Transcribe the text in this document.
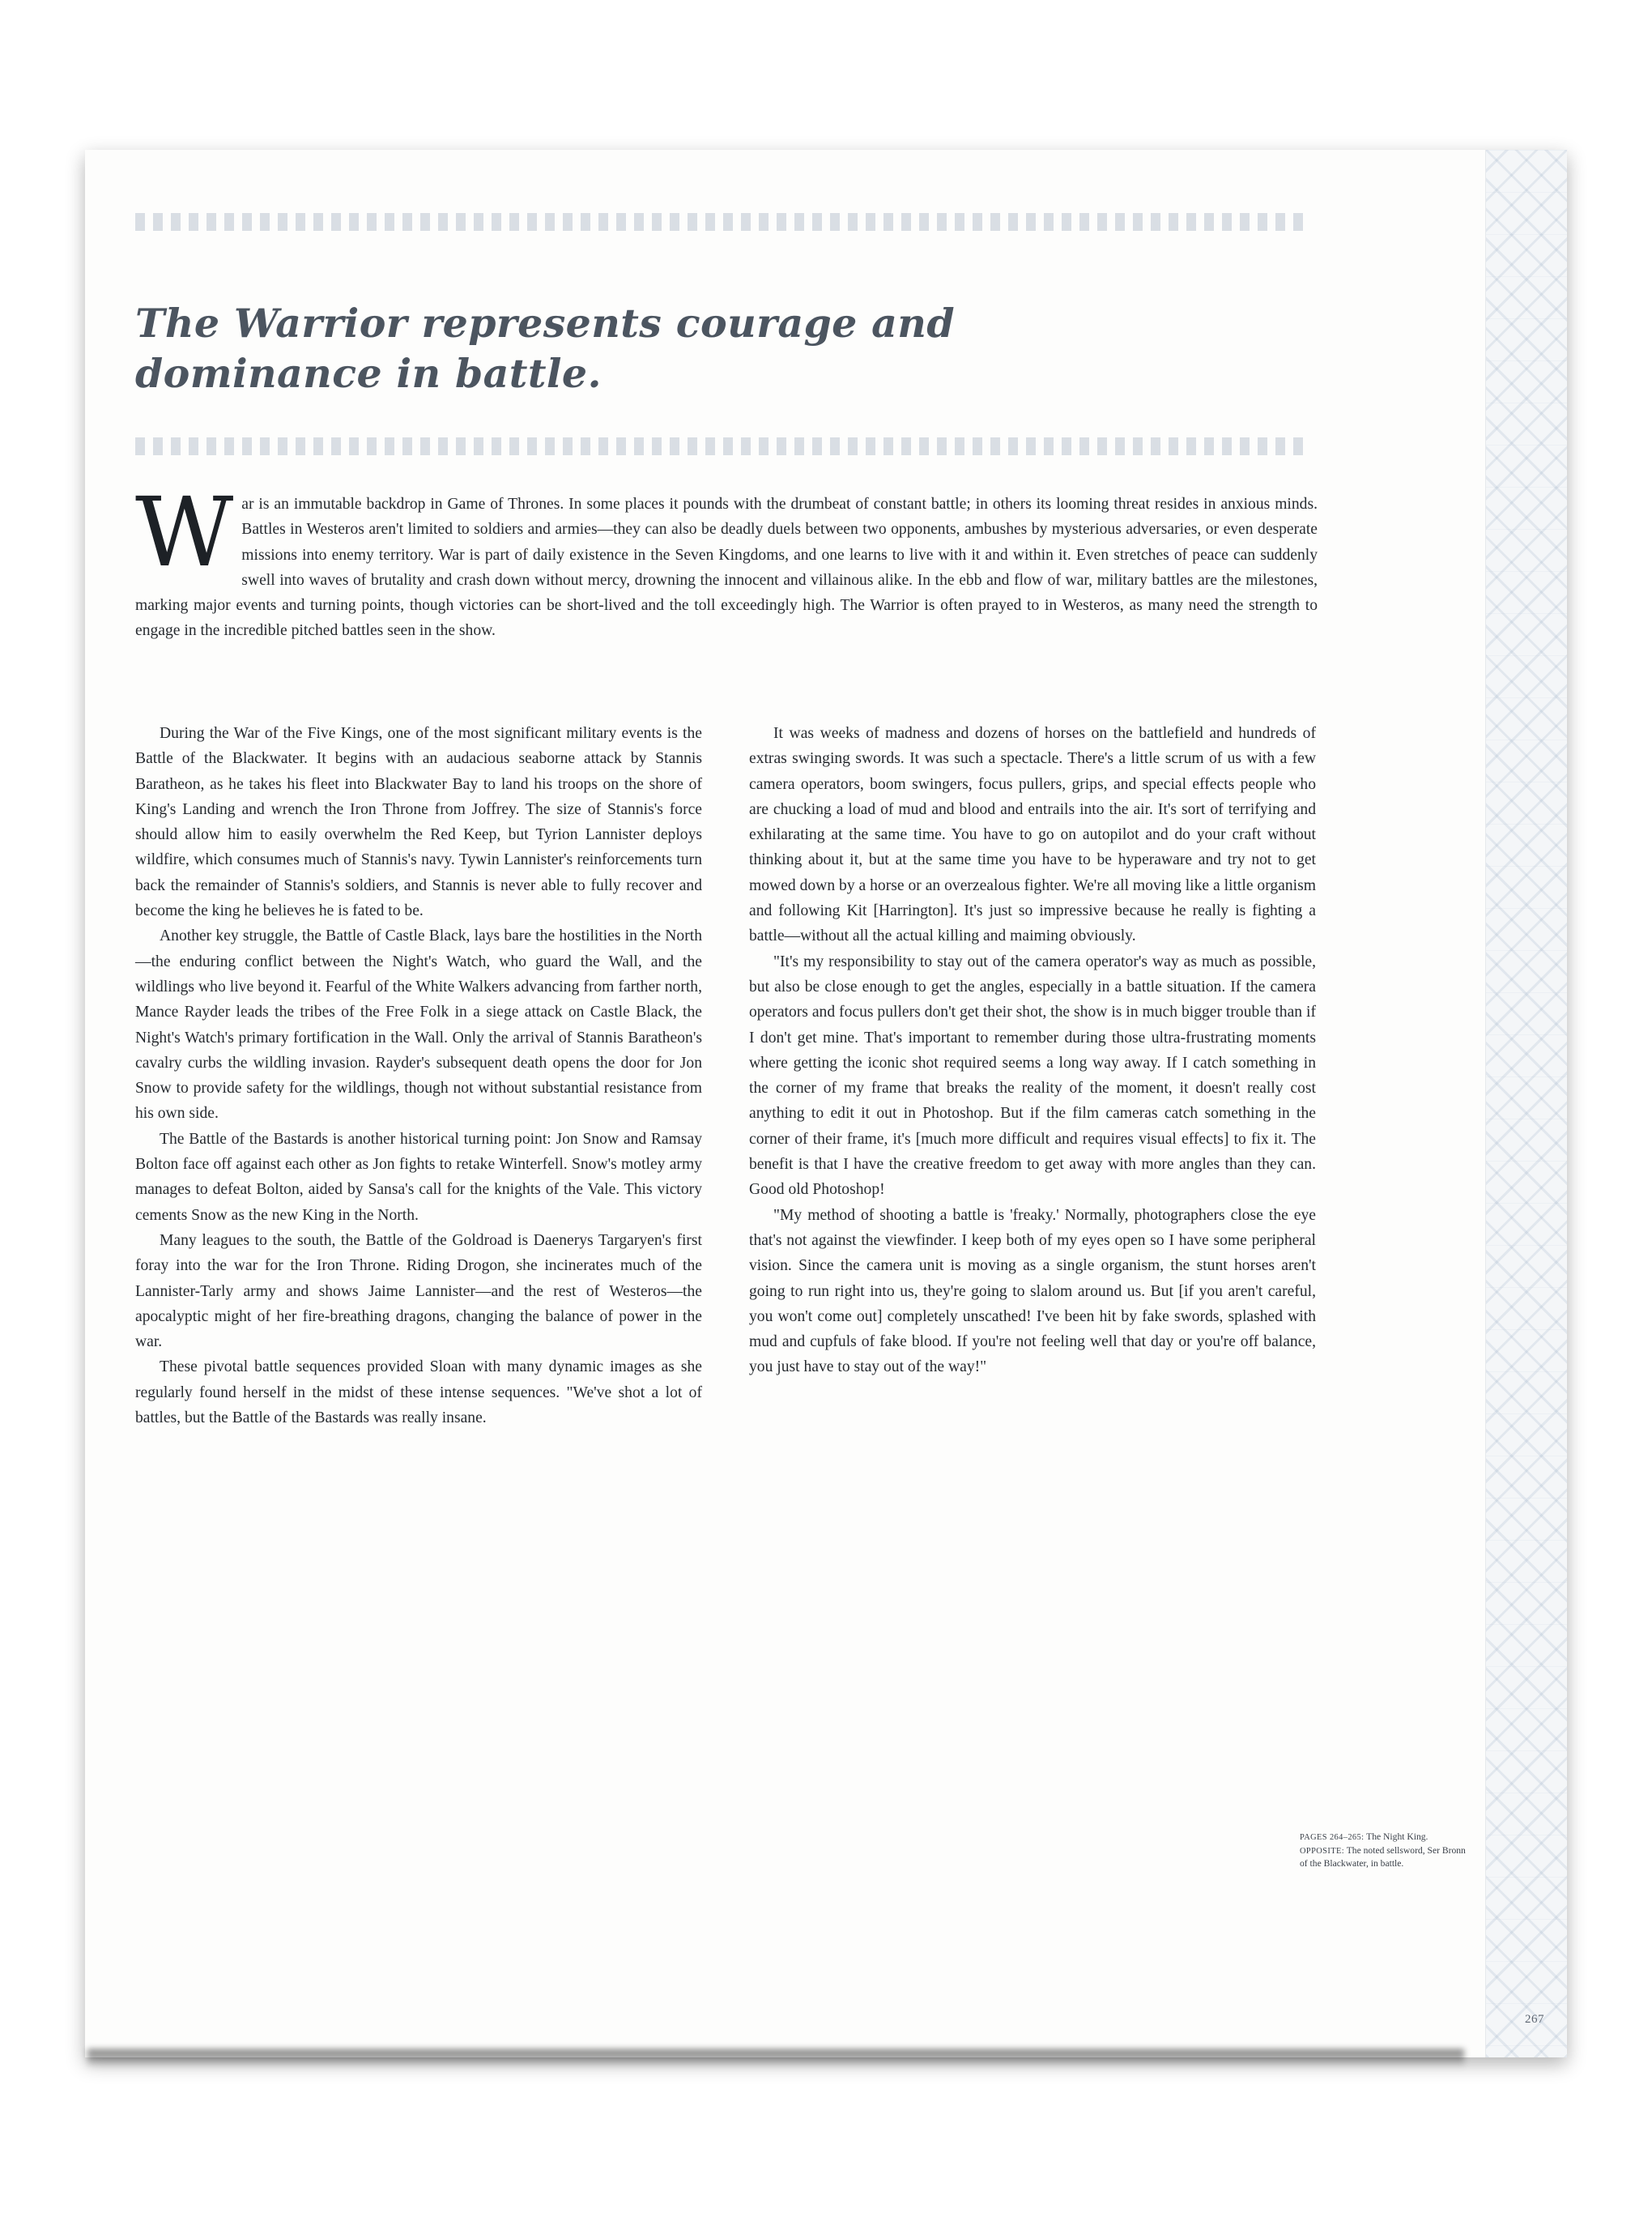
The Warrior represents courage and dominance in battle.
War is an immutable backdrop in Game of Thrones. In some places it pounds with the drumbeat of constant battle; in others its looming threat resides in anxious minds. Battles in Westeros aren't limited to soldiers and armies—they can also be deadly duels between two opponents, ambushes by mysterious adversaries, or even desperate missions into enemy territory. War is part of daily existence in the Seven Kingdoms, and one learns to live with it and within it. Even stretches of peace can suddenly swell into waves of brutality and crash down without mercy, drowning the innocent and villainous alike. In the ebb and flow of war, military battles are the milestones, marking major events and turning points, though victories can be short-lived and the toll exceedingly high. The Warrior is often prayed to in Westeros, as many need the strength to engage in the incredible pitched battles seen in the show.

During the War of the Five Kings, one of the most significant military events is the Battle of the Blackwater. It begins with an audacious seaborne attack by Stannis Baratheon, as he takes his fleet into Blackwater Bay to land his troops on the shore of King's Landing and wrench the Iron Throne from Joffrey. The size of Stannis's force should allow him to easily overwhelm the Red Keep, but Tyrion Lannister deploys wildfire, which consumes much of Stannis's navy. Tywin Lannister's reinforcements turn back the remainder of Stannis's soldiers, and Stannis is never able to fully recover and become the king he believes he is fated to be.

Another key struggle, the Battle of Castle Black, lays bare the hostilities in the North—the enduring conflict between the Night's Watch, who guard the Wall, and the wildlings who live beyond it. Fearful of the White Walkers advancing from farther north, Mance Rayder leads the tribes of the Free Folk in a siege attack on Castle Black, the Night's Watch's primary fortification in the Wall. Only the arrival of Stannis Baratheon's cavalry curbs the wildling invasion. Rayder's subsequent death opens the door for Jon Snow to provide safety for the wildlings, though not without substantial resistance from his own side.

The Battle of the Bastards is another historical turning point: Jon Snow and Ramsay Bolton face off against each other as Jon fights to retake Winterfell. Snow's motley army manages to defeat Bolton, aided by Sansa's call for the knights of the Vale. This victory cements Snow as the new King in the North.

Many leagues to the south, the Battle of the Goldroad is Daenerys Targaryen's first foray into the war for the Iron Throne. Riding Drogon, she incinerates much of the Lannister-Tarly army and shows Jaime Lannister—and the rest of Westeros—the apocalyptic might of her fire-breathing dragons, changing the balance of power in the war.

These pivotal battle sequences provided Sloan with many dynamic images as she regularly found herself in the midst of these intense sequences. "We've shot a lot of battles, but the Battle of the Bastards was really insane.

It was weeks of madness and dozens of horses on the battlefield and hundreds of extras swinging swords. It was such a spectacle. There's a little scrum of us with a few camera operators, boom swingers, focus pullers, grips, and special effects people who are chucking a load of mud and blood and entrails into the air. It's sort of terrifying and exhilarating at the same time. You have to go on autopilot and do your craft without thinking about it, but at the same time you have to be hyperaware and try not to get mowed down by a horse or an overzealous fighter. We're all moving like a little organism and following Kit [Harrington]. It's just so impressive because he really is fighting a battle—without all the actual killing and maiming obviously.

"It's my responsibility to stay out of the camera operator's way as much as possible, but also be close enough to get the angles, especially in a battle situation. If the camera operators and focus pullers don't get their shot, the show is in much bigger trouble than if I don't get mine. That's important to remember during those ultra-frustrating moments where getting the iconic shot required seems a long way away. If I catch something in the corner of my frame that breaks the reality of the moment, it doesn't really cost anything to edit it out in Photoshop. But if the film cameras catch something in the corner of their frame, it's [much more difficult and requires visual effects] to fix it. The benefit is that I have the creative freedom to get away with more angles than they can. Good old Photoshop!

"My method of shooting a battle is 'freaky.' Normally, photographers close the eye that's not against the viewfinder. I keep both of my eyes open so I have some peripheral vision. Since the camera unit is moving as a single organism, the stunt horses aren't going to run right into us, they're going to slalom around us. But [if you aren't careful, you won't come out] completely unscathed! I've been hit by fake swords, splashed with mud and cupfuls of fake blood. If you're not feeling well that day or you're off balance, you just have to stay out of the way!"

PAGES 264–265: The Night King. OPPOSITE: The noted sellsword, Ser Bronn of the Blackwater, in battle.
267
